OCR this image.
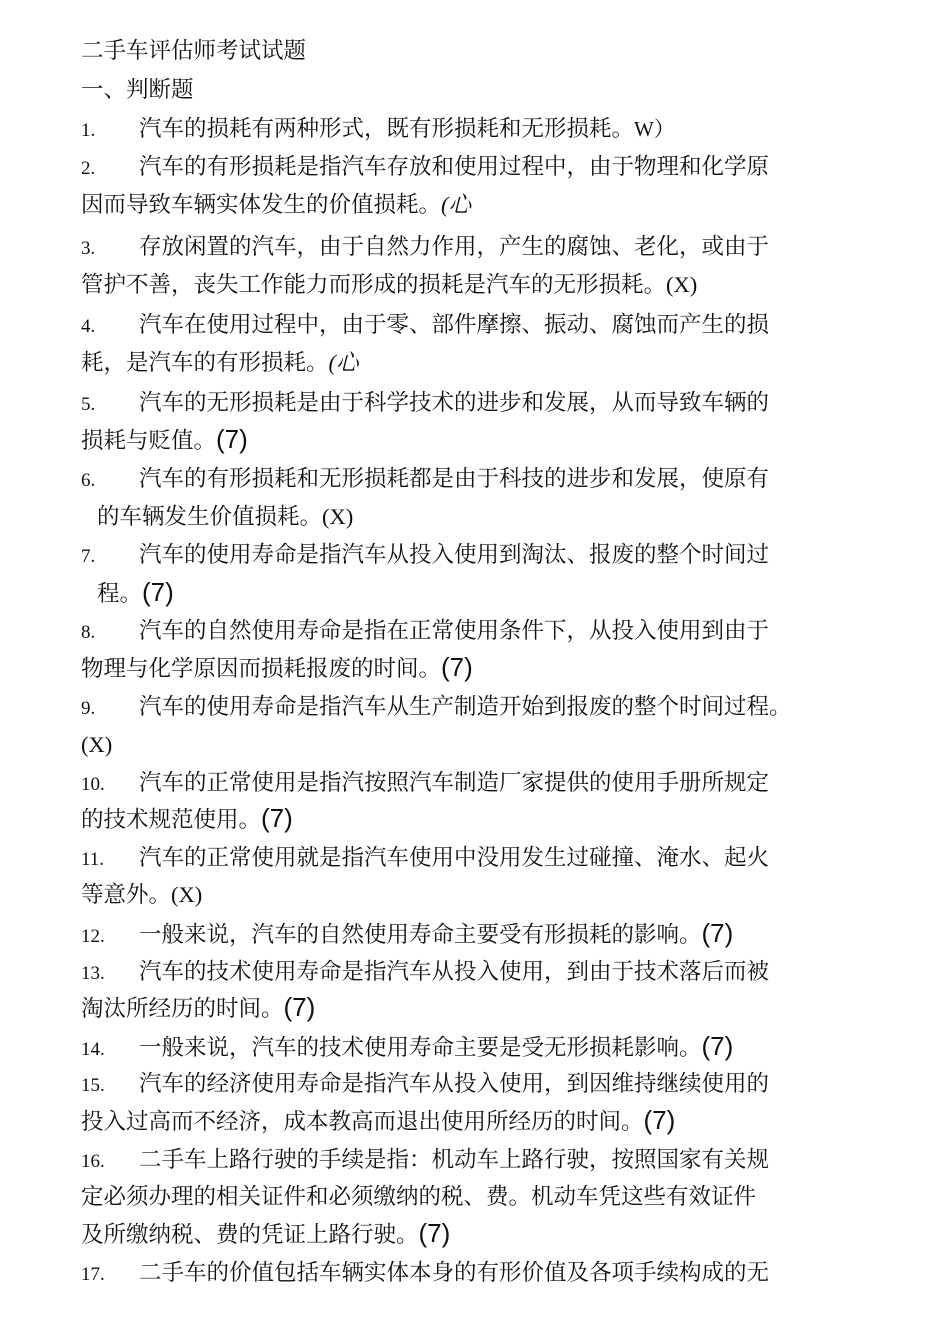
二手车评估师考试试题
一、判断题
1. 汽车的损耗有两种形式，既有形损耗和无形损耗。W）
2. 汽车的有形损耗是指汽车存放和使用过程中，由于物理和化学原
因而导致车辆实体发生的价值损耗。(心
3. 存放闲置的汽车，由于自然力作用，产生的腐蚀、老化，或由于
管护不善，丧失工作能力而形成的损耗是汽车的无形损耗。(X)
4. 汽车在使用过程中，由于零、部件摩擦、振动、腐蚀而产生的损
耗，是汽车的有形损耗。(心
5. 汽车的无形损耗是由于科学技术的进步和发展，从而导致车辆的
损耗与贬值。(7)
6. 汽车的有形损耗和无形损耗都是由于科技的进步和发展，使原有
的车辆发生价值损耗。(X)
7. 汽车的使用寿命是指汽车从投入使用到淘汰、报废的整个时间过
程。(7)
8. 汽车的自然使用寿命是指在正常使用条件下，从投入使用到由于
物理与化学原因而损耗报废的时间。(7)
9. 汽车的使用寿命是指汽车从生产制造开始到报废的整个时间过程。
(X)
10. 汽车的正常使用是指汽按照汽车制造厂家提供的使用手册所规定
的技术规范使用。(7)
11. 汽车的正常使用就是指汽车使用中没用发生过碰撞、淹水、起火
等意外。(X)
12. 一般来说，汽车的自然使用寿命主要受有形损耗的影响。(7)
13. 汽车的技术使用寿命是指汽车从投入使用，到由于技术落后而被
淘汰所经历的时间。(7)
14. 一般来说，汽车的技术使用寿命主要是受无形损耗影响。(7)
15. 汽车的经济使用寿命是指汽车从投入使用，到因维持继续使用的
投入过高而不经济，成本教高而退出使用所经历的时间。(7)
16. 二手车上路行驶的手续是指：机动车上路行驶，按照国家有关规
定必须办理的相关证件和必须缴纳的税、费。机动车凭这些有效证件
及所缴纳税、费的凭证上路行驶。(7)
17. 二手车的价值包括车辆实体本身的有形价值及各项手续构成的无
